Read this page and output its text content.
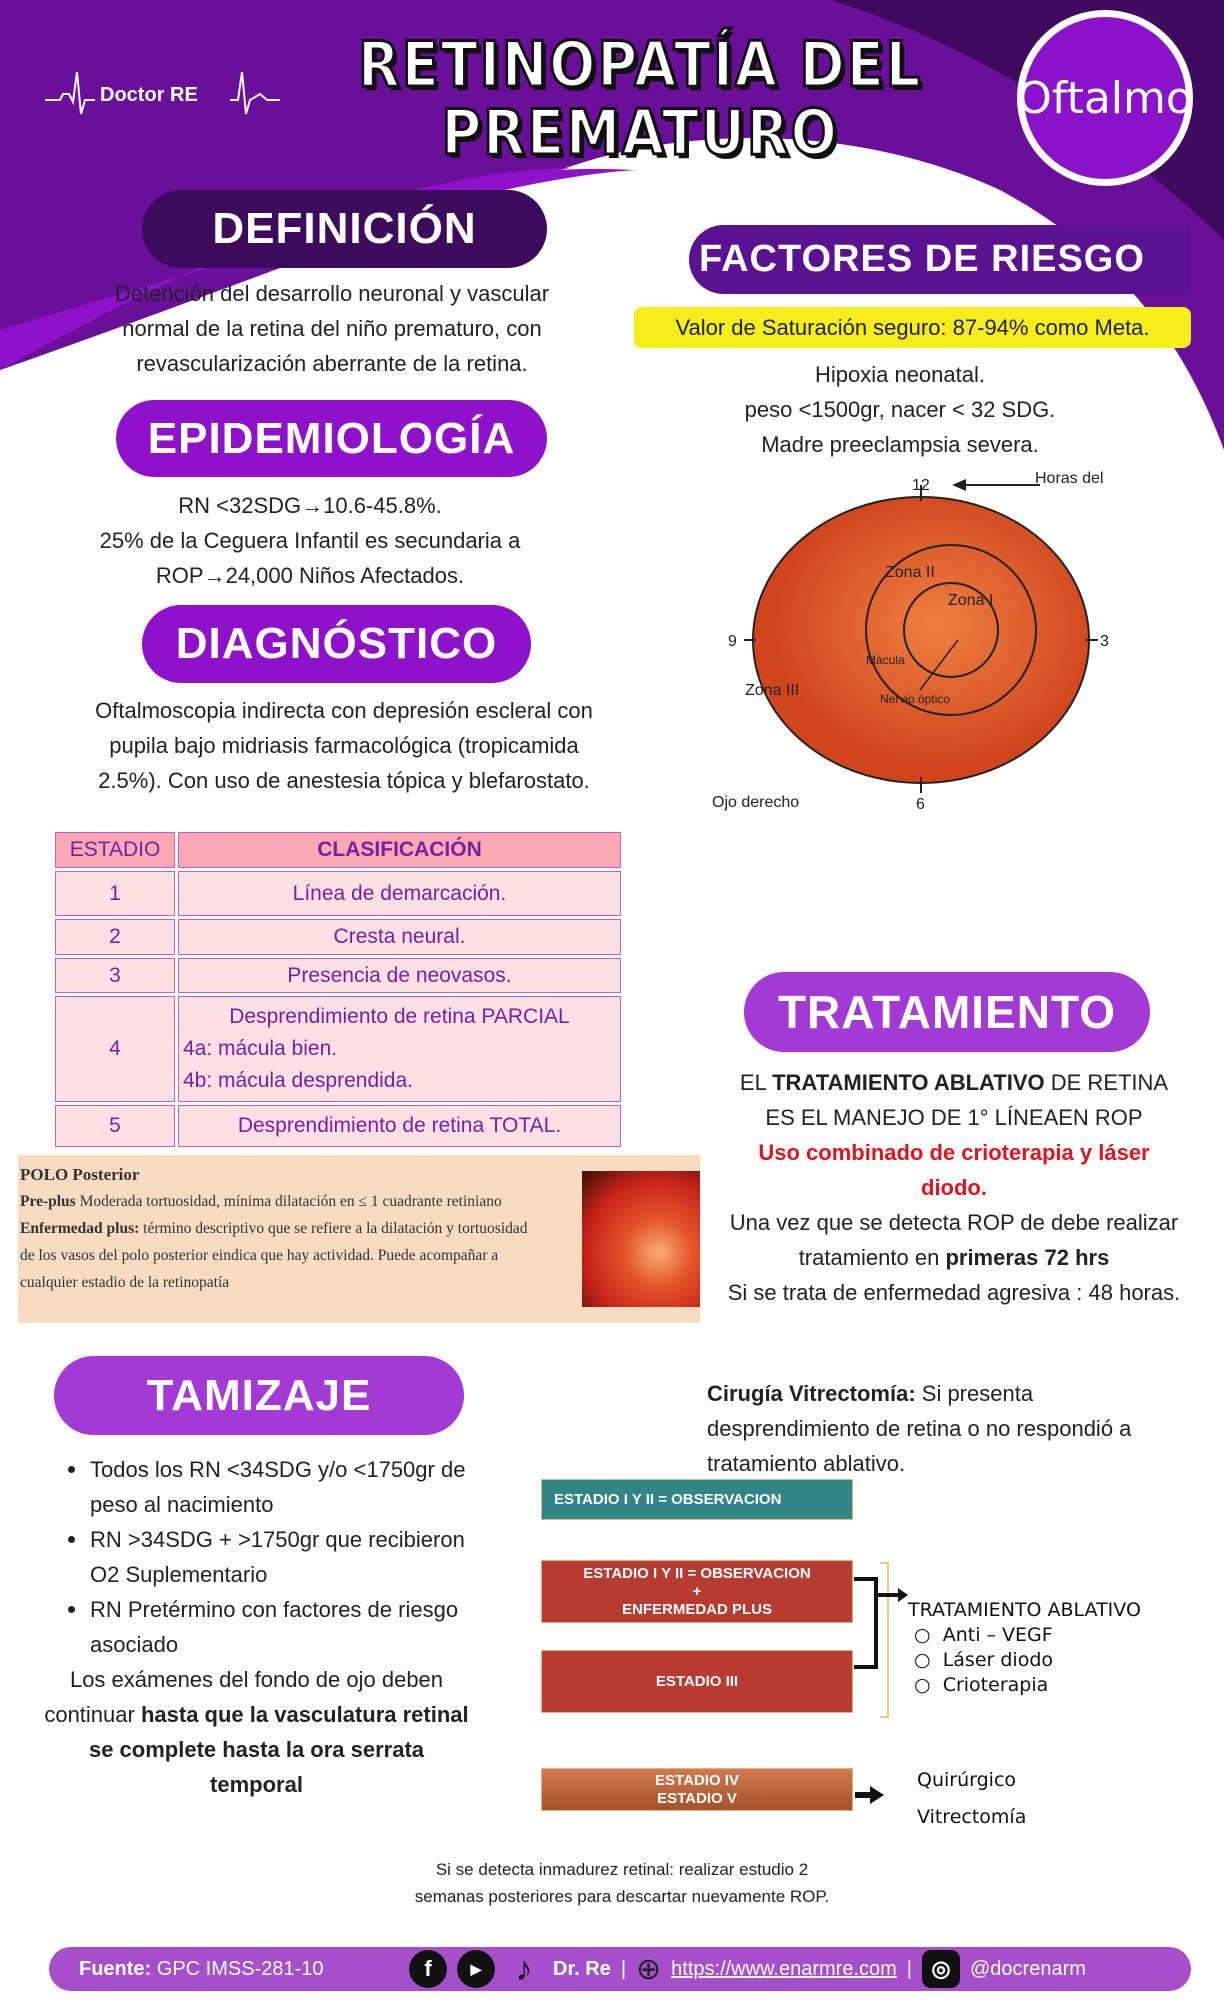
Doctor RE	RETINOPATÍA DEL
PREMATURO	Oftalmo
DEFINICIÓN
Detención del desarrollo neuronal y vascular
normal de la retina del niño prematuro, con
revascularización aberrante de la retina.
EPIDEMIOLOGÍA
RN <32SDG→10.6-45.8%.
25% de la Ceguera Infantil es secundaria a
ROP→24,000 Niños Afectados.
DIAGNÓSTICO
Oftalmoscopia indirecta con depresión escleral con
pupila bajo midriasis farmacológica (tropicamida
2.5%). Con uso de anestesia tópica y blefarostato.
FACTORES DE RIESGO
Valor de Saturación seguro: 87-94% como Meta.
Hipoxia neonatal.
peso <1500gr, nacer < 32 SDG.
Madre preeclampsia severa.
12
3
6
9
Horas del
Zona I
Zona II
Zona III
Mácula
Nervio óptico
Ojo derecho
ESTADIO	CLASIFICACIÓN
1	Línea de demarcación.
2	Cresta neural.
3	Presencia de neovasos.
4	Desprendimiento de retina PARCIAL
4a: mácula bien.
4b: mácula desprendida.

5	Desprendimiento de retina TOTAL.
POLO Posterior
Pre-plus Moderada tortuosidad, mínima dilatación en ≤ 1 cuadrante retiniano
Enfermedad plus: término descriptivo que se refiere a la dilatación y tortuosidad de los vasos del polo posterior eindica que hay actividad. Puede acompañar a cualquier estadio de la retinopatía
TRATAMIENTO
EL TRATAMIENTO ABLATIVO DE RETINA
ES EL MANEJO DE 1° LÍNEAEN ROP
Uso combinado de crioterapia y láser diodo.
Una vez que se detecta ROP de debe realizar tratamiento en primeras 72 hrs
Si se trata de enfermedad agresiva : 48 horas.
Cirugía Vitrectomía: Si presenta desprendimiento de retina o no respondió a tratamiento ablativo.
TAMIZAJE
Todos los RN <34SDG y/o <1750gr de peso al nacimiento
RN >34SDG + >1750gr que recibieron O2 Suplementario
RN Pretérmino con factores de riesgo asociado
Los exámenes del fondo de ojo deben continuar hasta que la vasculatura retinal se complete hasta la ora serrata temporal
ESTADIO I Y II = OBSERVACION
ESTADIO I Y II = OBSERVACION
+
ENFERMEDAD PLUS
ESTADIO III
ESTADIO IV
ESTADIO V
TRATAMIENTO ABLATIVO
○  Anti – VEGF
○  Láser diodo
○  Crioterapia
Quirúrgico
Vitrectomía
Si se detecta inmadurez retinal: realizar estudio 2
semanas posteriores para descartar nuevamente ROP.
Fuente: GPC IMSS-281-10	f	▶	♪	Dr. Re | ⊕ https://www.enarmre.com | ◎ @docrenarm
